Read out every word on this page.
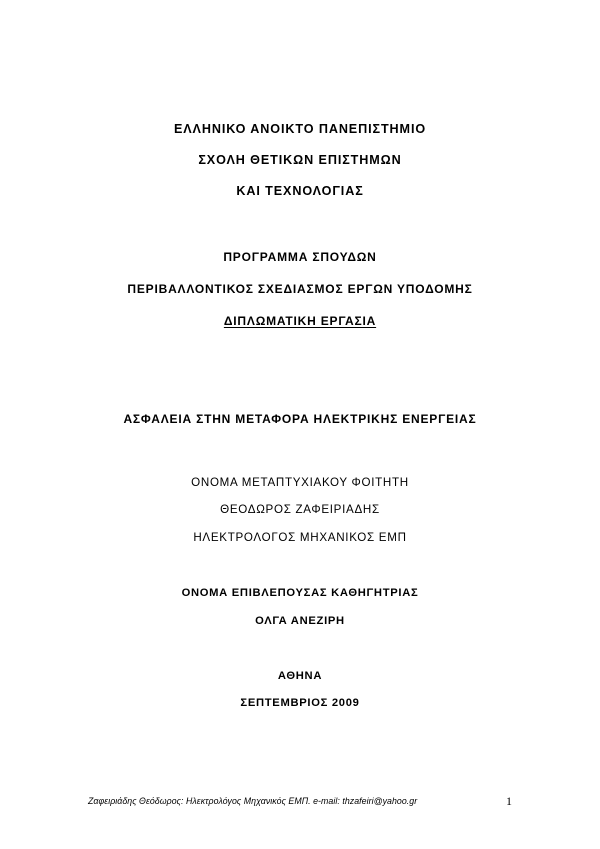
ΕΛΛΗΝΙΚΟ ΑΝΟΙΚΤΟ ΠΑΝΕΠΙΣΤΗΜΙΟ
ΣΧΟΛΗ ΘΕΤΙΚΩΝ ΕΠΙΣΤΗΜΩΝ
ΚΑΙ ΤΕΧΝΟΛΟΓΙΑΣ
ΠΡΟΓΡΑΜΜΑ ΣΠΟΥΔΩΝ
ΠΕΡΙΒΑΛΛΟΝΤΙΚΟΣ ΣΧΕΔΙΑΣΜΟΣ ΕΡΓΩΝ ΥΠΟΔΟΜΗΣ
ΔΙΠΛΩΜΑΤΙΚΗ ΕΡΓΑΣΙΑ
ΑΣΦΑΛΕΙΑ ΣΤΗΝ ΜΕΤΑΦΟΡΑ ΗΛΕΚΤΡΙΚΗΣ ΕΝΕΡΓΕΙΑΣ
ΟΝΟΜΑ ΜΕΤΑΠΤΥΧΙΑΚΟΥ ΦΟΙΤΗΤΗ
ΘΕΟΔΩΡΟΣ ΖΑΦΕΙΡΙΑΔΗΣ
ΗΛΕΚΤΡΟΛΟΓΟΣ ΜΗΧΑΝΙΚΟΣ ΕΜΠ
ΟΝΟΜΑ ΕΠΙΒΛΕΠΟΥΣΑΣ ΚΑΘΗΓΗΤΡΙΑΣ
ΟΛΓΑ ΑΝΕΖΙΡΗ
ΑΘΗΝΑ
ΣΕΠΤΕΜΒΡΙΟΣ 2009
Ζαφειριάδης Θεόδωρος: Ηλεκτρολόγος Μηχανικός ΕΜΠ. e-mail: thzafeiri@yahoo.gr	1
